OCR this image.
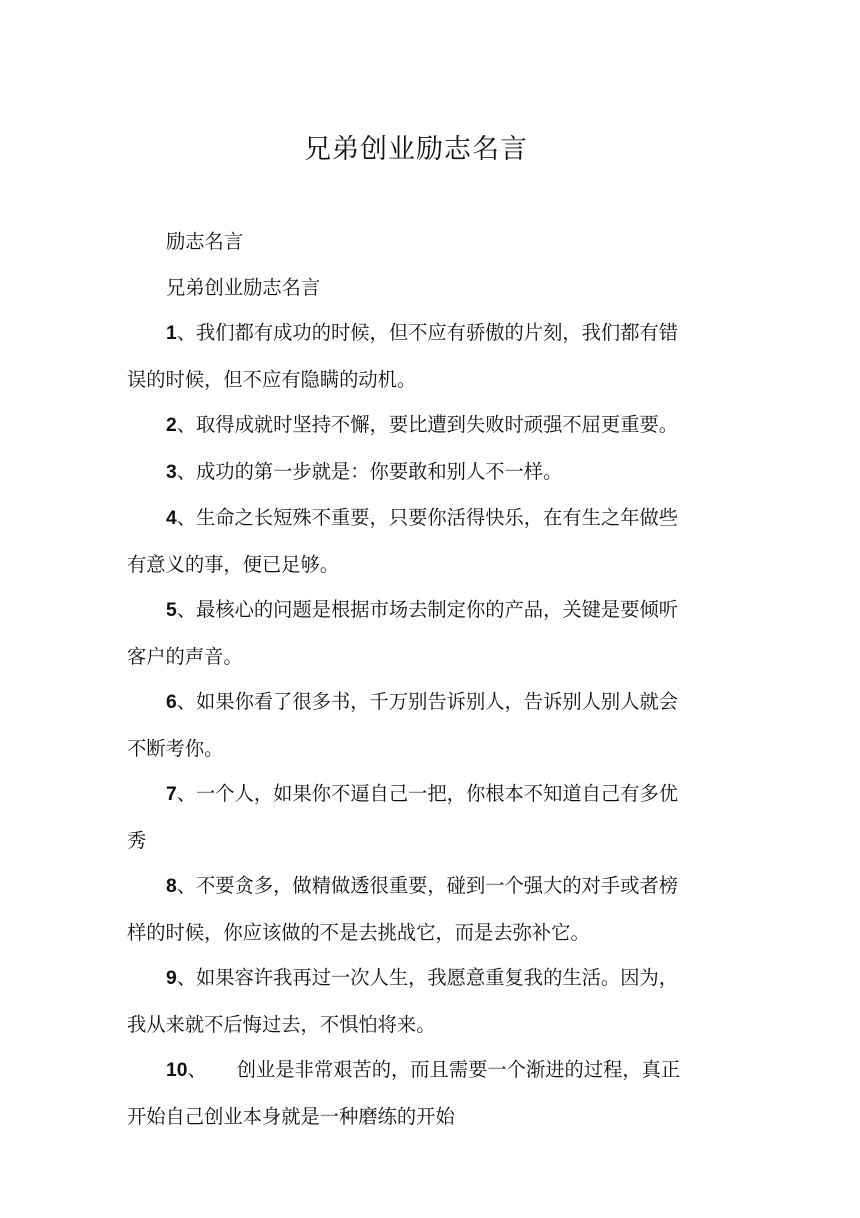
兄弟创业励志名言

励志名言

兄弟创业励志名言

1、我们都有成功的时候，但不应有骄傲的片刻，我们都有错误的时候，但不应有隐瞒的动机。

2、取得成就时坚持不懈，要比遭到失败时顽强不屈更重要。

3、成功的第一步就是：你要敢和别人不一样。

4、生命之长短殊不重要，只要你活得快乐，在有生之年做些有意义的事，便已足够。

5、最核心的问题是根据市场去制定你的产品，关键是要倾听客户的声音。

6、如果你看了很多书，千万别告诉别人，告诉别人别人就会不断考你。

7、一个人，如果你不逼自己一把，你根本不知道自己有多优秀

8、不要贪多，做精做透很重要，碰到一个强大的对手或者榜样的时候，你应该做的不是去挑战它，而是去弥补它。

9、如果容许我再过一次人生，我愿意重复我的生活。因为，我从来就不后悔过去，不惧怕将来。

10、 创业是非常艰苦的，而且需要一个渐进的过程，真正开始自己创业本身就是一种磨练的开始
